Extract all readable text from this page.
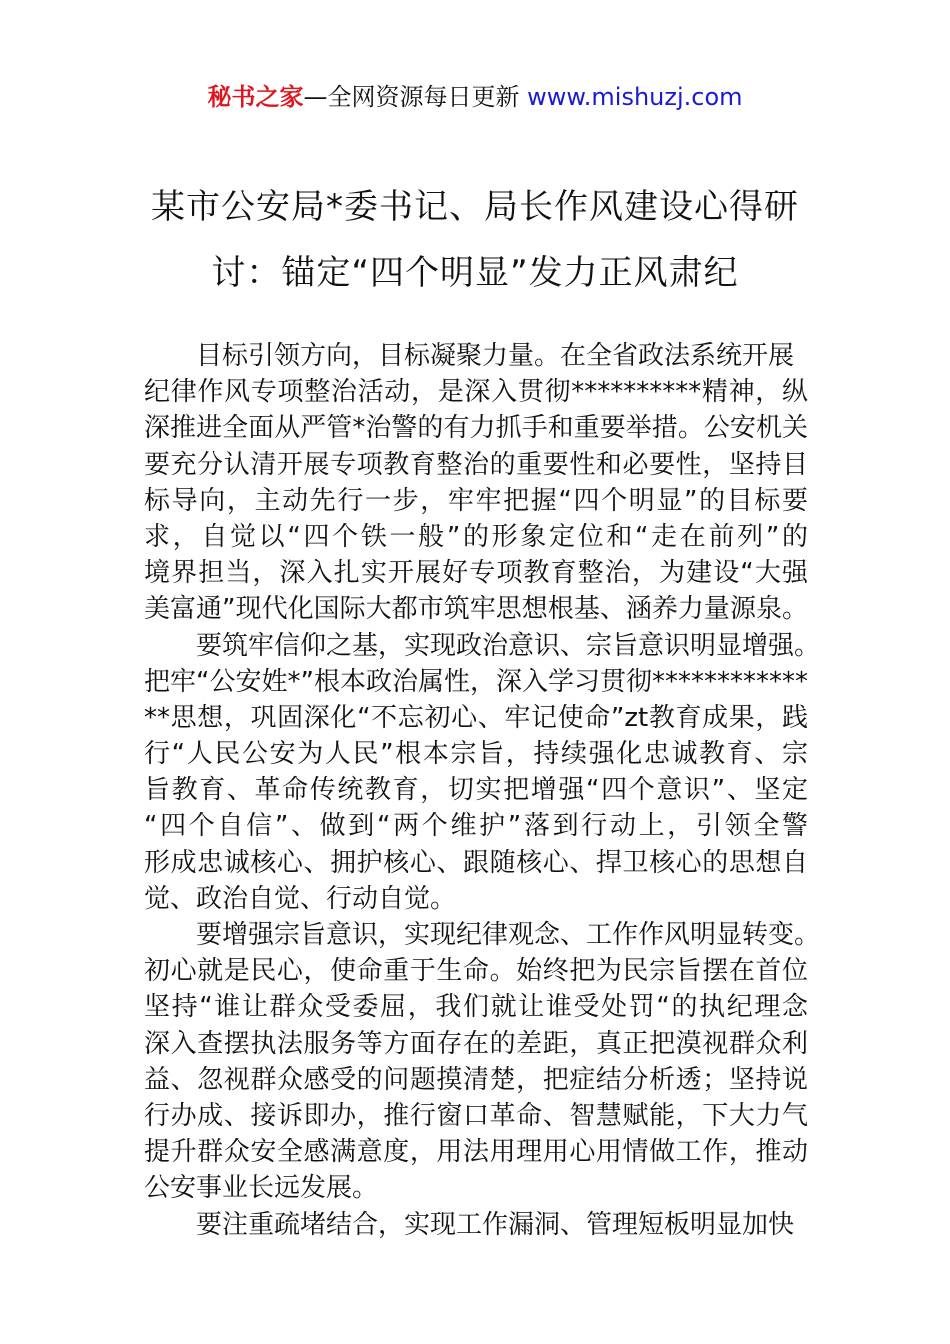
秘书之家—全网资源每日更新 www.mishuzj.com
某市公安局*委书记、局长作风建设心得研
讨：锚定“四个明显”发力正风肃纪
目标引领方向，目标凝聚力量。在全省政法系统开展
纪律作风专项整治活动，是深入贯彻**********精神，纵
深推进全面从严管*治警的有力抓手和重要举措。公安机关
要充分认清开展专项教育整治的重要性和必要性，坚持目
标导向，主动先行一步，牢牢把握“四个明显”的目标要
求，自觉以“四个铁一般”的形象定位和“走在前列”的
境界担当，深入扎实开展好专项教育整治，为建设“大强
美富通”现代化国际大都市筑牢思想根基、涵养力量源泉。
要筑牢信仰之基，实现政治意识、宗旨意识明显增强。
把牢“公安姓*”根本政治属性，深入学习贯彻************
**思想，巩固深化“不忘初心、牢记使命”zt教育成果，践
行“人民公安为人民”根本宗旨，持续强化忠诚教育、宗
旨教育、革命传统教育，切实把增强“四个意识”、坚定
“四个自信”、做到“两个维护”落到行动上，引领全警
形成忠诚核心、拥护核心、跟随核心、捍卫核心的思想自
觉、政治自觉、行动自觉。
要增强宗旨意识，实现纪律观念、工作作风明显转变。
初心就是民心，使命重于生命。始终把为民宗旨摆在首位
坚持“谁让群众受委屈，我们就让谁受处罚“的执纪理念
深入查摆执法服务等方面存在的差距，真正把漠视群众利
益、忽视群众感受的问题摸清楚，把症结分析透；坚持说
行办成、接诉即办，推行窗口革命、智慧赋能，下大力气
提升群众安全感满意度，用法用理用心用情做工作，推动
公安事业长远发展。
要注重疏堵结合，实现工作漏洞、管理短板明显加快
